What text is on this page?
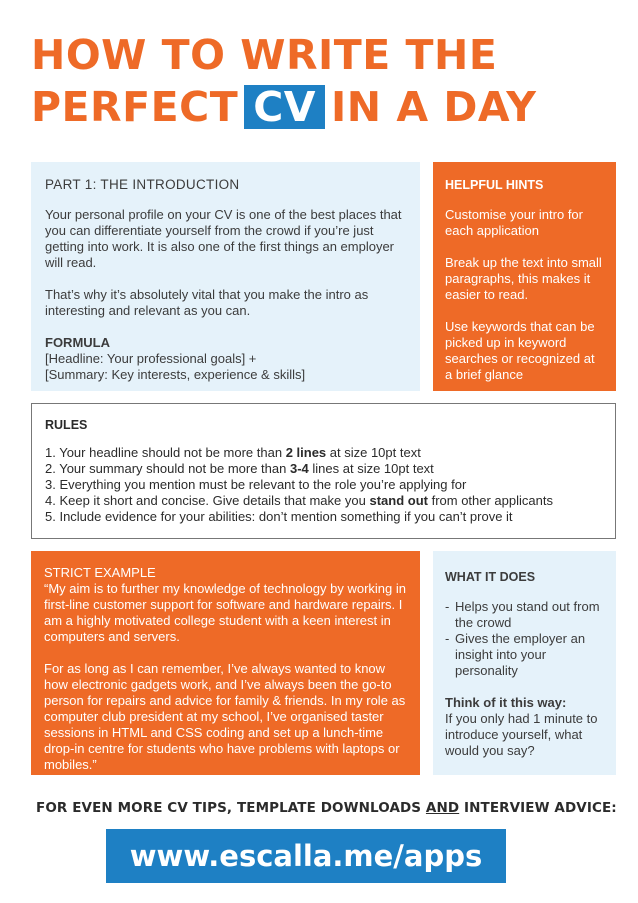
HOW TO WRITE THE
PERFECT CV IN A DAY

PART 1: THE INTRODUCTION

Your personal profile on your CV is one of the best places that you can differentiate yourself from the crowd if you’re just getting into work. It is also one of the first things an employer will read.

That’s why it’s absolutely vital that you make the intro as interesting and relevant as you can.

FORMULA

[Headline: Your professional goals] +

[Summary: Key interests, experience & skills]

HELPFUL HINTS

Customise your intro for each application

Break up the text into small paragraphs, this makes it easier to read.

Use keywords that can be picked up in keyword searches or recognized at a brief glance

RULES

1. Your headline should not be more than 2 lines at size 10pt text

2. Your summary should not be more than 3-4 lines at size 10pt text

3. Everything you mention must be relevant to the role you’re applying for

4. Keep it short and concise. Give details that make you stand out from other applicants

5. Include evidence for your abilities: don’t mention something if you can’t prove it

STRICT EXAMPLE

“My aim is to further my knowledge of technology by working in first-line customer support for software and hardware repairs. I am a highly motivated college student with a keen interest in computers and servers.

For as long as I can remember, I’ve always wanted to know how electronic gadgets work, and I’ve always been the go-to person for repairs and advice for family & friends. In my role as computer club president at my school, I’ve organised taster sessions in HTML and CSS coding and set up a lunch-time drop-in centre for students who have problems with laptops or mobiles.”

WHAT IT DOES

- Helps you stand out from the crowd
- Gives the employer an insight into your personality

Think of it this way:

If you only had 1 minute to introduce yourself, what would you say?

FOR EVEN MORE CV TIPS, TEMPLATE DOWNLOADS AND INTERVIEW ADVICE:
www.escalla.me/apps
